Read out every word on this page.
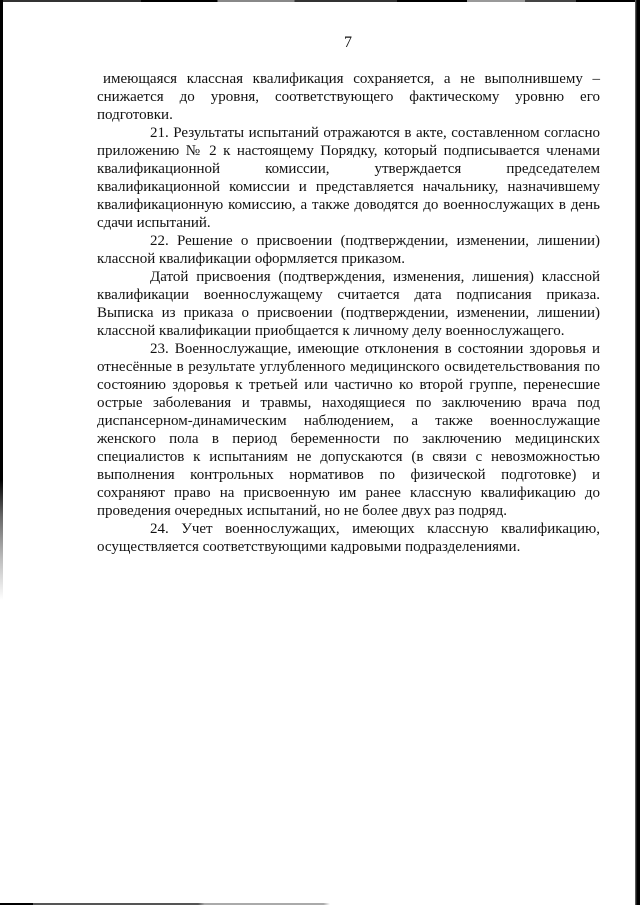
7

имеющаяся классная квалификация сохраняется, а не выполнившему –снижается до уровня, соответствующего фактическому уровню его подготовки.

21. Результаты испытаний отражаются в акте, составленном согласно приложению № 2 к настоящему Порядку, который подписывается членами квалификационной комиссии, утверждается председателем квалификационной комиссии и представляется начальнику, назначившему квалификационную комиссию, а также доводятся до военнослужащих в день сдачи испытаний.

22. Решение о присвоении (подтверждении, изменении, лишении) классной квалификации оформляется приказом.

Датой присвоения (подтверждения, изменения, лишения) классной квалификации военнослужащему считается дата подписания приказа. Выписка из приказа о присвоении (подтверждении, изменении, лишении) классной квалификации приобщается к личному делу военнослужащего.

23. Военнослужащие, имеющие отклонения в состоянии здоровья и отнесённые в результате углубленного медицинского освидетельствования по состоянию здоровья к третьей или частично ко второй группе, перенесшие острые заболевания и травмы, находящиеся по заключению врача под диспансерном-динамическим наблюдением, а также военнослужащие женского пола в период беременности по заключению медицинских специалистов к испытаниям не допускаются (в связи с невозможностью выполнения контрольных нормативов по физической подготовке) и сохраняют право на присвоенную им ранее классную квалификацию до проведения очередных испытаний, но не более двух раз подряд.

24. Учет военнослужащих, имеющих классную квалификацию, осуществляется соответствующими кадровыми подразделениями.
